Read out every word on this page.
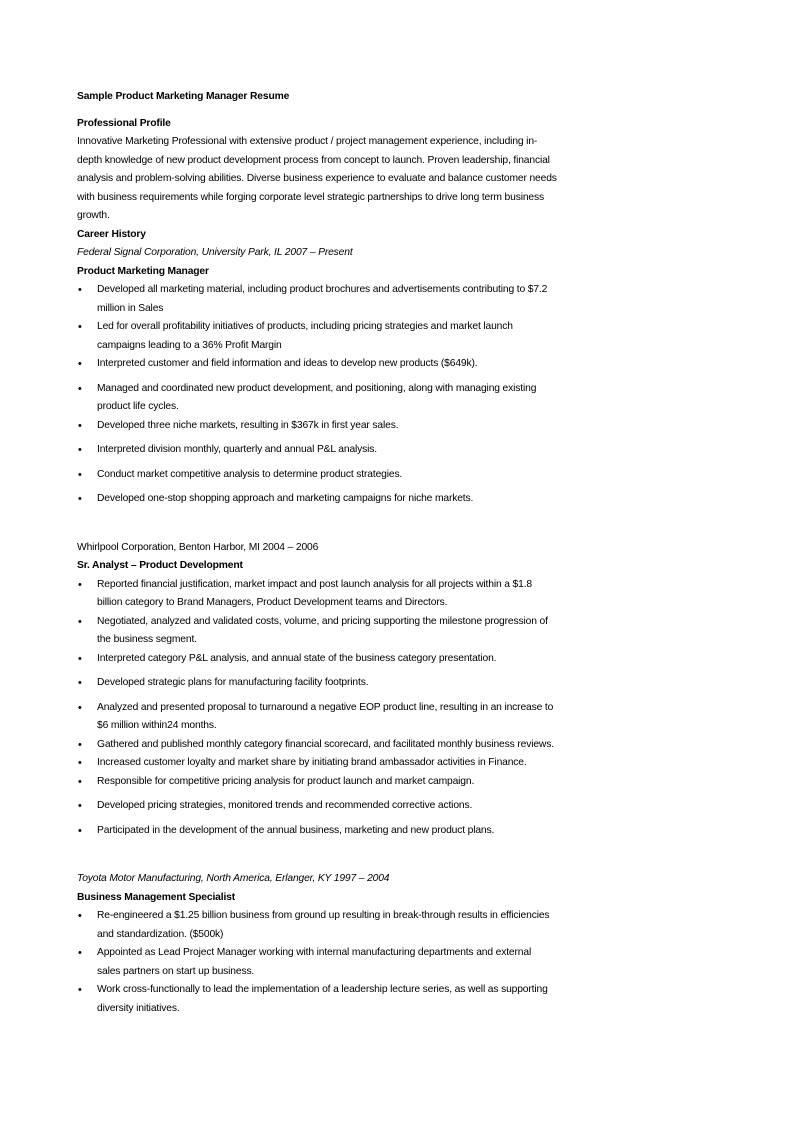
Sample Product Marketing Manager Resume
Professional Profile
Innovative Marketing Professional with extensive product / project management experience, including in-depth knowledge of new product development process from concept to launch. Proven leadership, financial analysis and problem-solving abilities. Diverse business experience to evaluate and balance customer needs with business requirements while forging corporate level strategic partnerships to drive long term business growth.
Career History
Federal Signal Corporation, University Park, IL 2007 – Present
Product Marketing Manager
• Developed all marketing material, including product brochures and advertisements contributing to $7.2 million in Sales
• Led for overall profitability initiatives of products, including pricing strategies and market launch campaigns leading to a 36% Profit Margin
• Interpreted customer and field information and ideas to develop new products ($649k).
• Managed and coordinated new product development, and positioning, along with managing existing product life cycles.
• Developed three niche markets, resulting in $367k in first year sales.
• Interpreted division monthly, quarterly and annual P&L analysis.
• Conduct market competitive analysis to determine product strategies.
• Developed one-stop shopping approach and marketing campaigns for niche markets.
Whirlpool Corporation, Benton Harbor, MI 2004 – 2006
Sr. Analyst – Product Development
• Reported financial justification, market impact and post launch analysis for all projects within a $1.8 billion category to Brand Managers, Product Development teams and Directors.
• Negotiated, analyzed and validated costs, volume, and pricing supporting the milestone progression of the business segment.
• Interpreted category P&L analysis, and annual state of the business category presentation.
• Developed strategic plans for manufacturing facility footprints.
• Analyzed and presented proposal to turnaround a negative EOP product line, resulting in an increase to $6 million within24 months.
• Gathered and published monthly category financial scorecard, and facilitated monthly business reviews.
• Increased customer loyalty and market share by initiating brand ambassador activities in Finance.
• Responsible for competitive pricing analysis for product launch and market campaign.
• Developed pricing strategies, monitored trends and recommended corrective actions.
• Participated in the development of the annual business, marketing and new product plans.
Toyota Motor Manufacturing, North America, Erlanger, KY 1997 – 2004
Business Management Specialist
• Re-engineered a $1.25 billion business from ground up resulting in break-through results in efficiencies and standardization. ($500k)
• Appointed as Lead Project Manager working with internal manufacturing departments and external sales partners on start up business.
• Work cross-functionally to lead the implementation of a leadership lecture series, as well as supporting diversity initiatives.
